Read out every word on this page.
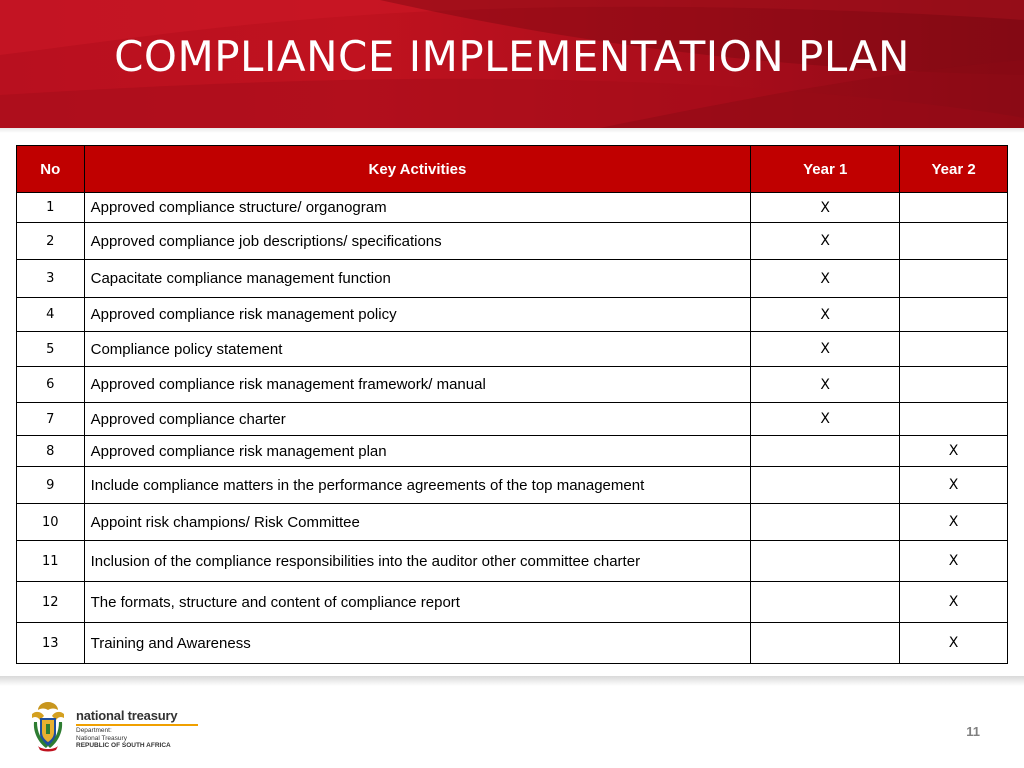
COMPLIANCE IMPLEMENTATION PLAN
No	Key Activities	Year 1	Year 2
1	Approved compliance structure/ organogram	X	
2	Approved compliance job descriptions/ specifications	X	
3	Capacitate compliance management function	X	
4	Approved compliance risk management policy	X	
5	Compliance policy statement	X	
6	Approved compliance risk management framework/ manual	X	
7	Approved compliance charter	X	
8	Approved compliance risk management plan		X
9	Include compliance matters in the performance agreements of the top management		X
10	Appoint risk champions/ Risk Committee		X
11	Inclusion of the compliance responsibilities into the auditor other committee charter		X
12	The formats, structure and content of compliance report		X
13	Training and Awareness		X
national treasury
Department:
National Treasury
REPUBLIC OF SOUTH AFRICA
11
